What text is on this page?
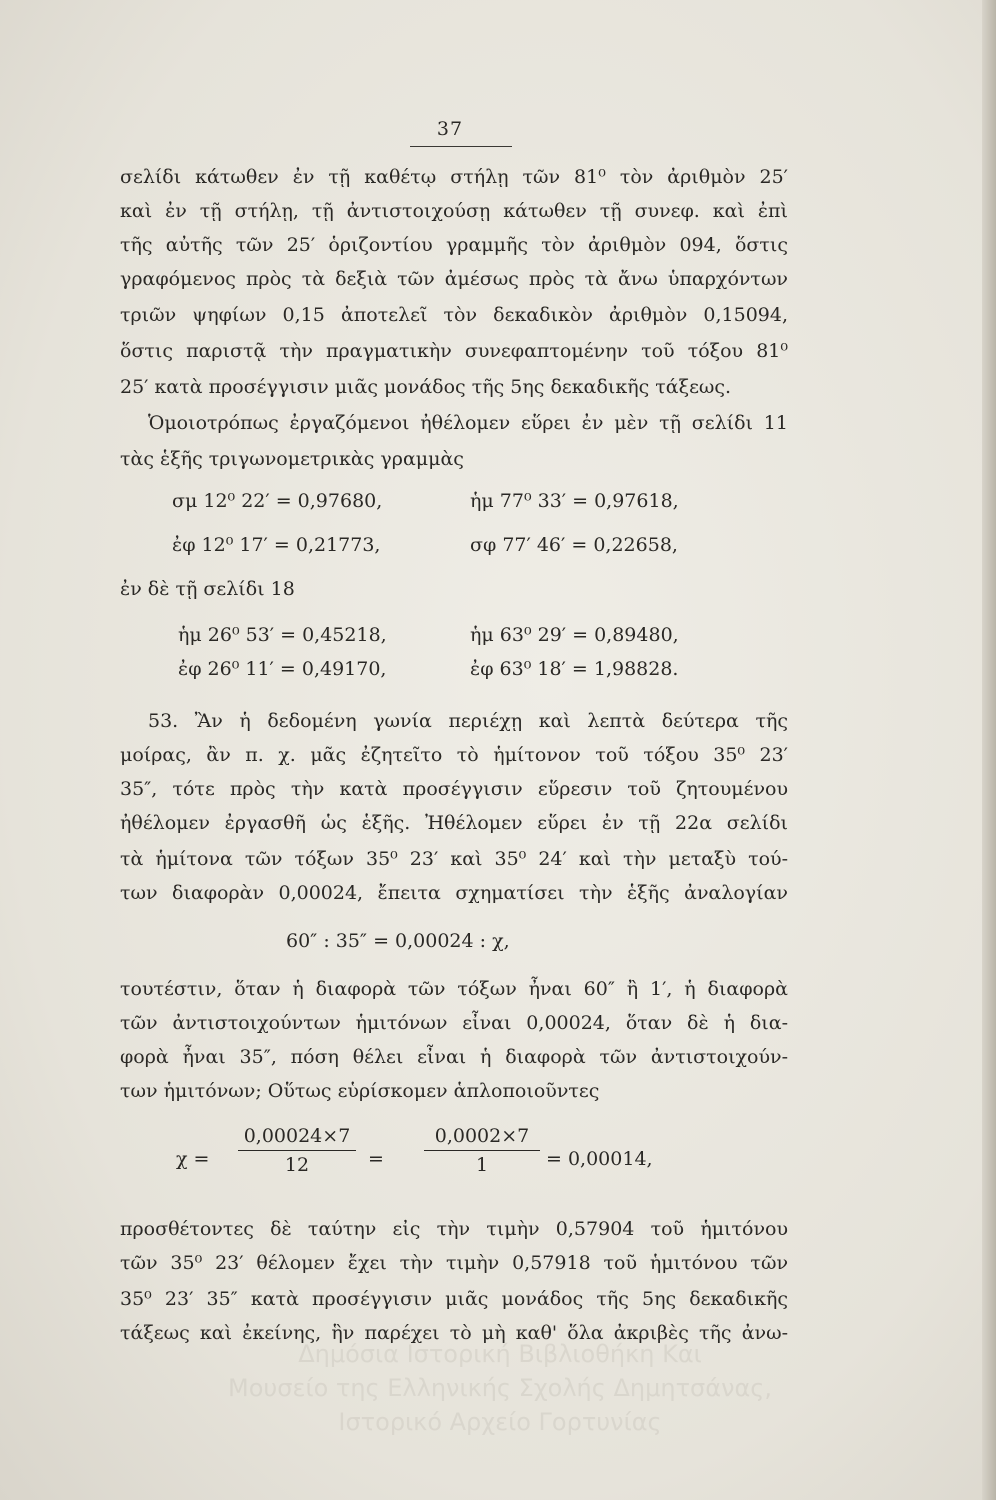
37
σελίδι κάτωθεν ἐν τῇ καθέτῳ στήλῃ τῶν 81⁰ τὸν ἀριθμὸν 25′
καὶ ἐν τῇ στήλῃ, τῇ ἀντιστοιχούσῃ κάτωθεν τῇ συνεφ. καὶ ἐπὶ
τῆς αὐτῆς τῶν 25′ ὁριζοντίου γραμμῆς τὸν ἀριθμὸν 094, ὅστις
γραφόμενος πρὸς τὰ δεξιὰ τῶν ἀμέσως πρὸς τὰ ἄνω ὑπαρχόντων
τριῶν ψηφίων 0,15 ἀποτελεῖ τὸν δεκαδικὸν ἀριθμὸν 0,15094,
ὅστις παριστᾷ τὴν πραγματικὴν συνεφαπτομένην τοῦ τόξου 81⁰
25′ κατὰ προσέγγισιν μιᾶς μονάδος τῆς 5ης δεκαδικῆς τάξεως.
Ὁμοιοτρόπως ἐργαζόμενοι ἠθέλομεν εὕρει ἐν μὲν τῇ σελίδι 11
τὰς ἑξῆς τριγωνομετρικὰς γραμμὰς
σμ 12⁰ 22′ = 0,97680,	ἡμ 77⁰ 33′ = 0,97618,
ἐφ 12⁰ 17′ = 0,21773,	σφ 77′ 46′ = 0,22658,
ἐν δὲ τῇ σελίδι 18
ἡμ 26⁰ 53′ = 0,45218,	ἡμ 63⁰ 29′ = 0,89480,
ἐφ 26⁰ 11′ = 0,49170,	ἐφ 63⁰ 18′ = 1,98828.
53. Ἂν ἡ δεδομένη γωνία περιέχῃ καὶ λεπτὰ δεύτερα τῆς
μοίρας, ἂν π. χ. μᾶς ἐζητεῖτο τὸ ἡμίτονον τοῦ τόξου 35⁰ 23′
35″, τότε πρὸς τὴν κατὰ προσέγγισιν εὕρεσιν τοῦ ζητουμένου
ἠθέλομεν ἐργασθῆ ὡς ἑξῆς. Ἠθέλομεν εὕρει ἐν τῇ 22α σελίδι
τὰ ἡμίτονα τῶν τόξων 35⁰ 23′ καὶ 35⁰ 24′ καὶ τὴν μεταξὺ τού-
των διαφορὰν 0,00024, ἔπειτα σχηματίσει τὴν ἑξῆς ἀναλογίαν
60″ : 35″ = 0,00024 : χ,
τουτέστιν, ὅταν ἡ διαφορὰ τῶν τόξων ἦναι 60″ ἢ 1′, ἡ διαφορὰ
τῶν ἀντιστοιχούντων ἡμιτόνων εἶναι 0,00024, ὅταν δὲ ἡ δια-
φορὰ ἦναι 35″, πόση θέλει εἶναι ἡ διαφορὰ τῶν ἀντιστοιχούν-
των ἡμιτόνων; Οὕτως εὑρίσκομεν ἁπλοποιοῦντες
$\chi = \frac{0,00024\times 7}{12} = \frac{0,0002\times 7}{1} = 0,00014$,
προσθέτοντες δὲ ταύτην εἰς τὴν τιμὴν 0,57904 τοῦ ἡμιτόνου
τῶν 35⁰ 23′ θέλομεν ἔχει τὴν τιμὴν 0,57918 τοῦ ἡμιτόνου τῶν
35⁰ 23′ 35″ κατὰ προσέγγισιν μιᾶς μονάδος τῆς 5ης δεκαδικῆς
τάξεως καὶ ἐκείνης, ἣν παρέχει τὸ μὴ καθ' ὅλα ἀκριβὲς τῆς ἀνω-
Δημόσια Ιστορική Βιβλιοθήκη Και
Μουσείο της Ελληνικής Σχολής Δημητσάνας,
Ιστορικό Αρχείο Γορτυνίας
